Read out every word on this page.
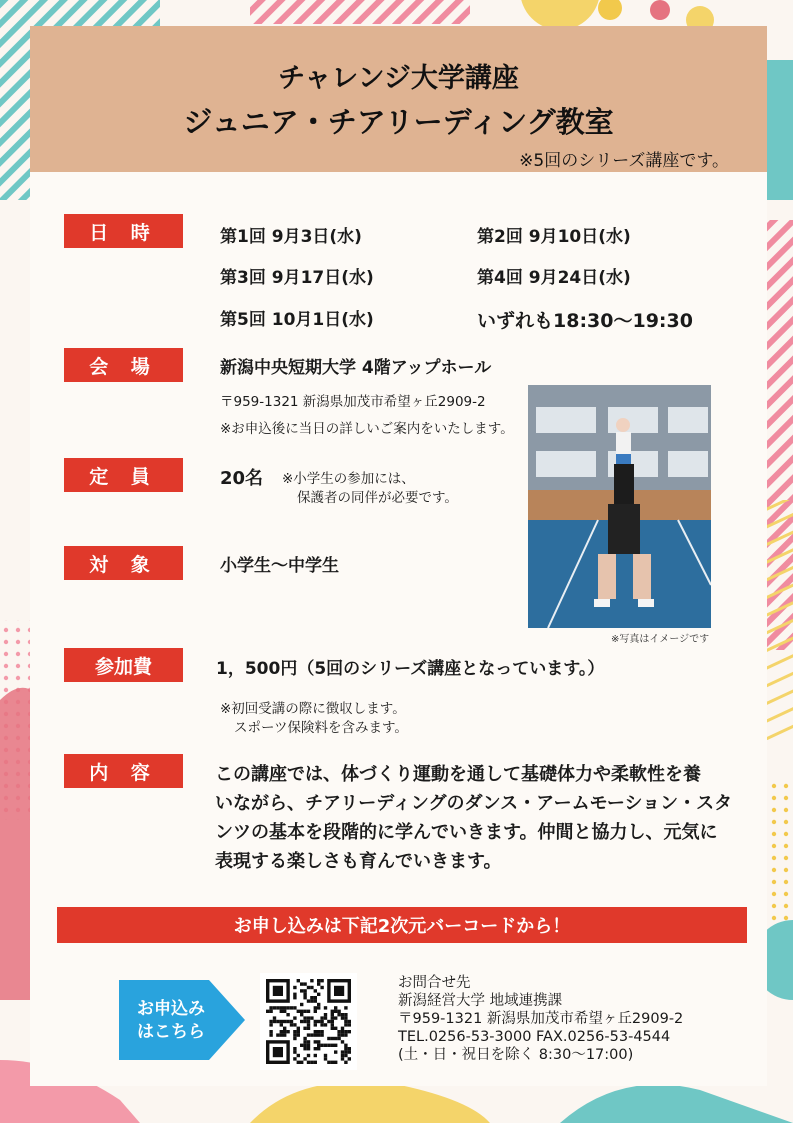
チャレンジ大学講座
ジュニア・チアリーディング教室
※5回のシリーズ講座です。
日 時	第1回 9月3日(水)	第2回 9月10日(水)
第3回 9月17日(水)	第4回 9月24日(水)
第5回 10月1日(水)	いずれも18:30～19:30
会 場	新潟中央短期大学 4階アップホール
〒959-1321 新潟県加茂市希望ヶ丘2909-2
※お申込後に当日の詳しいご案内をいたします。
定 員	20名 ※小学生の参加には、
保護者の同伴が必要です。
対 象	小学生～中学生
※写真はイメージです
参加費	1，500円（5回のシリーズ講座となっています。）
※初回受講の際に徴収します。
スポーツ保険料を含みます。
内 容	この講座では、体づくり運動を通して基礎体力や柔軟性を養
いながら、チアリーディングのダンス・アームモーション・スタ
ンツの基本を段階的に学んでいきます。仲間と協力し、元気に
表現する楽しさも育んでいきます。
お申し込みは下記2次元バーコードから！
お申込み
はこちら
お問合せ先
新潟経営大学 地域連携課
〒959-1321 新潟県加茂市希望ヶ丘2909-2
TEL.0256-53-3000 FAX.0256-53-4544
(土・日・祝日を除く 8:30～17:00)
